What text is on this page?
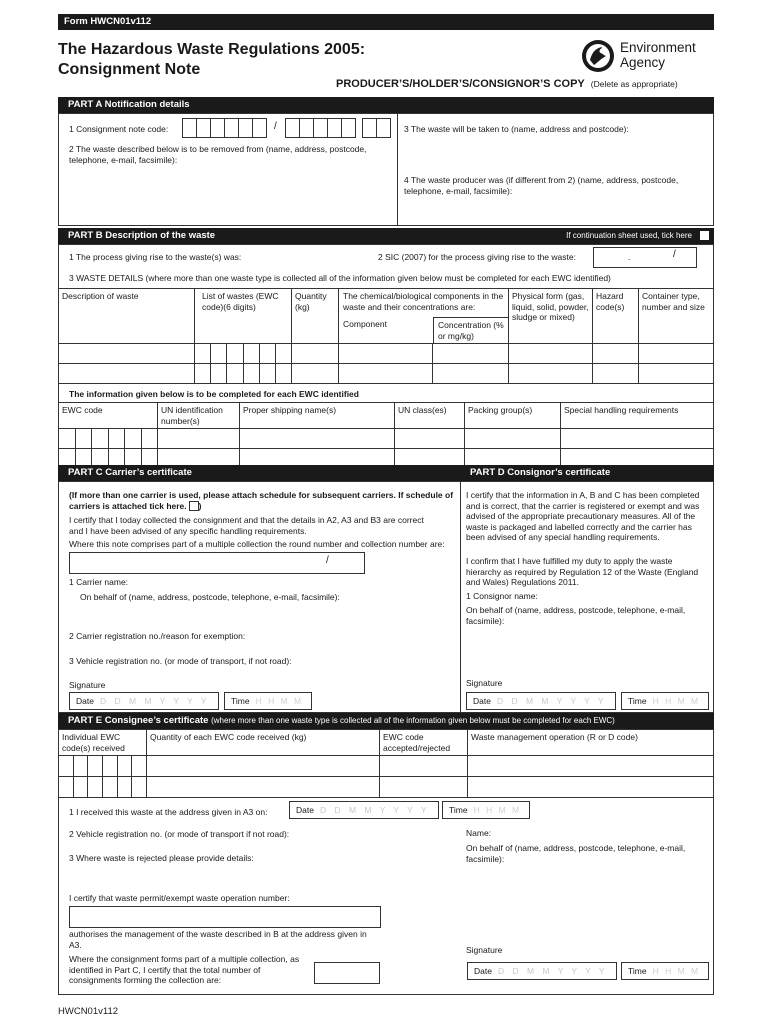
Form HWCN01v112
The Hazardous Waste Regulations 2005:
Consignment Note
Environment
Agency
PRODUCER’S/HOLDER’S/CONSIGNOR’S COPY (Delete as appropriate)
PART A Notification details
1 Consignment note code:	/
2 The waste described below is to be removed from (name, address, postcode, telephone, e-mail, facsimile):
3 The waste will be taken to (name, address and postcode):
4 The waste producer was (if different from 2) (name, address, postcode, telephone, e-mail, facsimile):
PART B Description of the waste	If continuation sheet used, tick here
1 The process giving rise to the waste(s) was:	2 SIC (2007) for the process giving rise to the waste:	.	/
3 WASTE DETAILS (where more than one waste type is collected all of the information given below must be completed for each EWC identified)
Description of waste	List of wastes (EWC code)(6 digits)	Quantity (kg)	The chemical/biological components in the waste and their concentrations are:
Component Concentration (% or mg/kg)	Physical form (gas, liquid, solid, powder, sludge or mixed)	Hazard code(s)	Container type, number and size

The information given below is to be completed for each EWC identified
EWC code	UN identification number(s)	Proper shipping name(s)	UN class(es)	Packing group(s)	Special handling requirements

PART C Carrier’s certificate	PART D Consignor’s certificate
(If more than one carrier is used, please attach schedule for subsequent carriers. If schedule of carriers is attached tick here. )
I certify that I today collected the consignment and that the details in A2, A3 and B3 are correct and I have been advised of any specific handling requirements.
Where this note comprises part of a multiple collection the round number and collection number are:
/
1 Carrier name:
On behalf of (name, address, postcode, telephone, e-mail, facsimile):
2 Carrier registration no./reason for exemption:
3 Vehicle registration no. (or mode of transport, if not road):
Signature
Date D D M M Y Y Y Y	Time H H M M
I certify that the information in A, B and C has been completed and is correct, that the carrier is registered or exempt and was advised of the appropriate precautionary measures. All of the waste is packaged and labelled correctly and the carrier has been advised of any special handling requirements.
I confirm that I have fulfilled my duty to apply the waste hierarchy as required by Regulation 12 of the Waste (England and Wales) Regulations 2011.
1 Consignor name:
On behalf of (name, address, postcode, telephone, e-mail, facsimile):
Signature
Date D D M M Y Y Y Y	Time H H M M
PART E Consignee’s certificate (where more than one waste type is collected all of the information given below must be completed for each EWC)
Individual EWC code(s) received	Quantity of each EWC code received (kg)	EWC code accepted/rejected	Waste management operation (R or D code)

1 I received this waste at the address given in A3 on:	Date D D M M Y Y Y Y	Time H H M M
2 Vehicle registration no. (or mode of transport if not road):
3 Where waste is rejected please provide details:
I certify that waste permit/exempt waste operation number:
authorises the management of the waste described in B at the address given in A3.
Where the consignment forms part of a multiple collection, as identified in Part C, I certify that the total number of consignments forming the collection are:
Name:
On behalf of (name, address, postcode, telephone, e-mail, facsimile):
Signature
Date D D M M Y Y Y Y	Time H H M M
HWCN01v112
